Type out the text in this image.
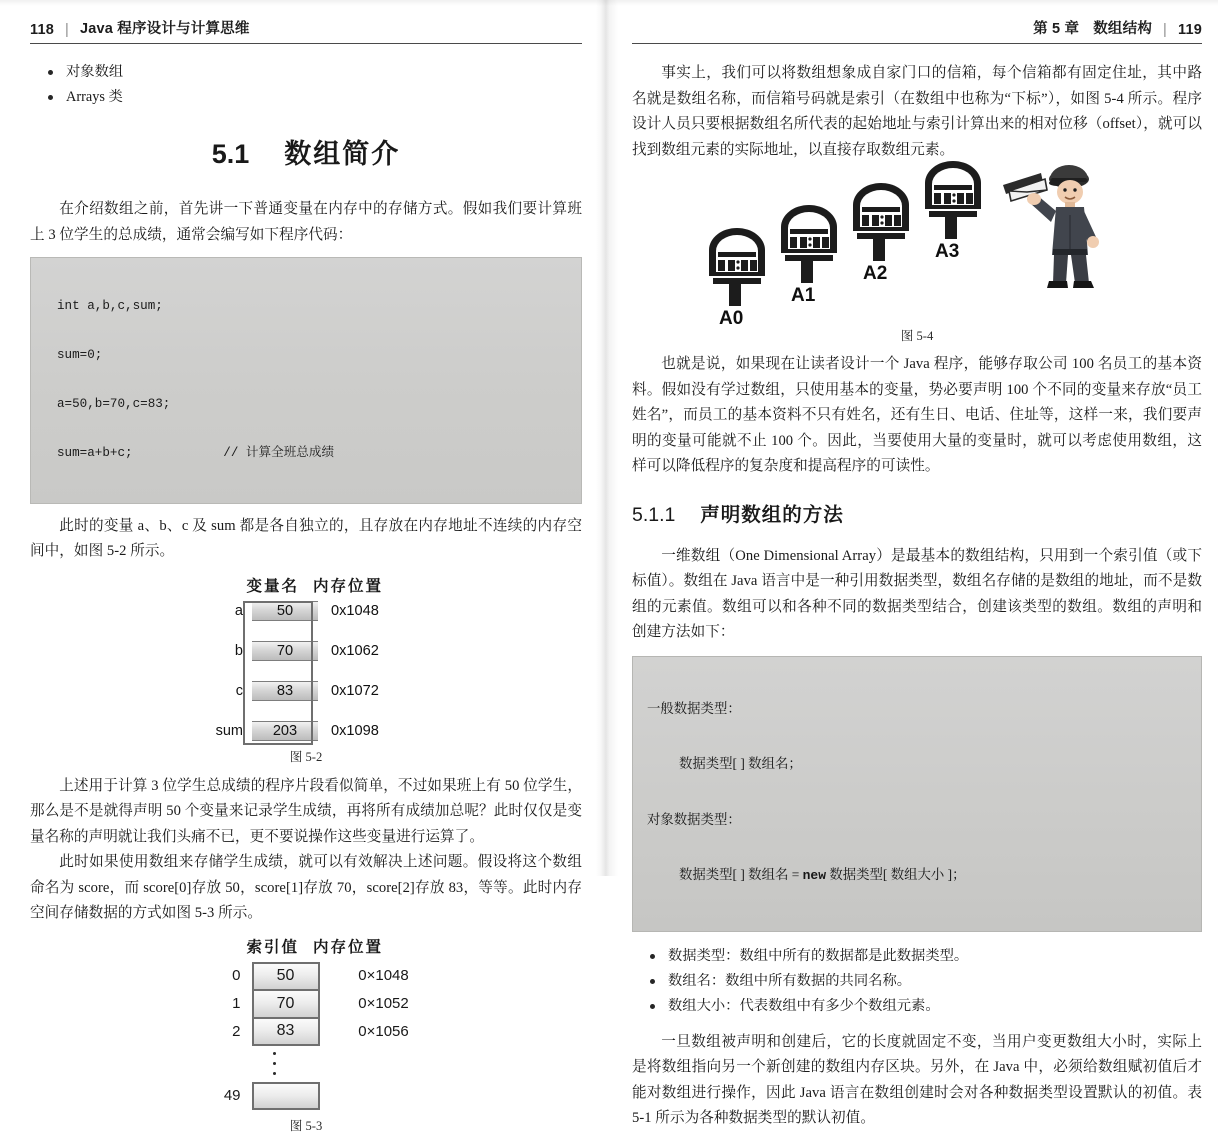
118 | Java 程序设计与计算思维
对象数组
Arrays 类
5.1 数组简介

在介绍数组之前，首先讲一下普通变量在内存中的存储方式。假如我们要计算班上 3 位学生的总成绩，通常会编写如下程序代码：

int a,b,c,sum;

sum=0;

a=50,b=70,c=83;

sum=a+b+c;            // 计算全班总成绩

此时的变量 a、b、c 及 sum 都是各自独立的，且存放在内存地址不连续的内存空间中，如图 5-2 所示。

变量名 内存位置
a	50	0x1048
b	70	0x1062
c	83	0x1072
sum	203	0x1098
图 5-2

上述用于计算 3 位学生总成绩的程序片段看似简单，不过如果班上有 50 位学生，那么是不是就得声明 50 个变量来记录学生成绩，再将所有成绩加总呢？此时仅仅是变量名称的声明就让我们头痛不已，更不要说操作这些变量进行运算了。

此时如果使用数组来存储学生成绩，就可以有效解决上述问题。假设将这个数组命名为 score，而 score[0]存放 50，score[1]存放 70，score[2]存放 83，等等。此时内存空间存储数据的方式如图 5-3 所示。

索引值 内存位置
0	50	0×1048
1	70	0×1052
2	83	0×1056
49
图 5-3
第 5 章 数组结构 | 119

事实上，我们可以将数组想象成自家门口的信箱，每个信箱都有固定住址，其中路名就是数组名称，而信箱号码就是索引（在数组中也称为“下标”），如图 5-4 所示。程序设计人员只要根据数组名所代表的起始地址与索引计算出来的相对位移（offset），就可以找到数组元素的实际地址，以直接存取数组元素。

A0
A1
A2
A3
图 5-4

也就是说，如果现在让读者设计一个 Java 程序，能够存取公司 100 名员工的基本资料。假如没有学过数组，只使用基本的变量，势必要声明 100 个不同的变量来存放“员工姓名”，而员工的基本资料不只有姓名，还有生日、电话、住址等，这样一来，我们要声明的变量可能就不止 100 个。因此，当要使用大量的变量时，就可以考虑使用数组，这样可以降低程序的复杂度和提高程序的可读性。

5.1.1 声明数组的方法

一维数组（One Dimensional Array）是最基本的数组结构，只用到一个索引值（或下标值）。数组在 Java 语言中是一种引用数据类型，数组名存储的是数组的地址，而不是数组的元素值。数组可以和各种不同的数据类型结合，创建该类型的数组。数组的声明和创建方法如下：

一般数据类型：

数据类型[ ] 数组名；

对象数据类型：

数据类型[ ] 数组名 = new 数据类型[ 数组大小 ]；

数据类型：数组中所有的数据都是此数据类型。
数组名：数组中所有数据的共同名称。
数组大小：代表数组中有多少个数组元素。

一旦数组被声明和创建后，它的长度就固定不变，当用户变更数组大小时，实际上是将数组指向另一个新创建的数组内存区块。另外，在 Java 中，必须给数组赋初值后才能对数组进行操作，因此 Java 语言在数组创建时会对各种数据类型设置默认的初值。表 5-1 所示为各种数据类型的默认初值。
